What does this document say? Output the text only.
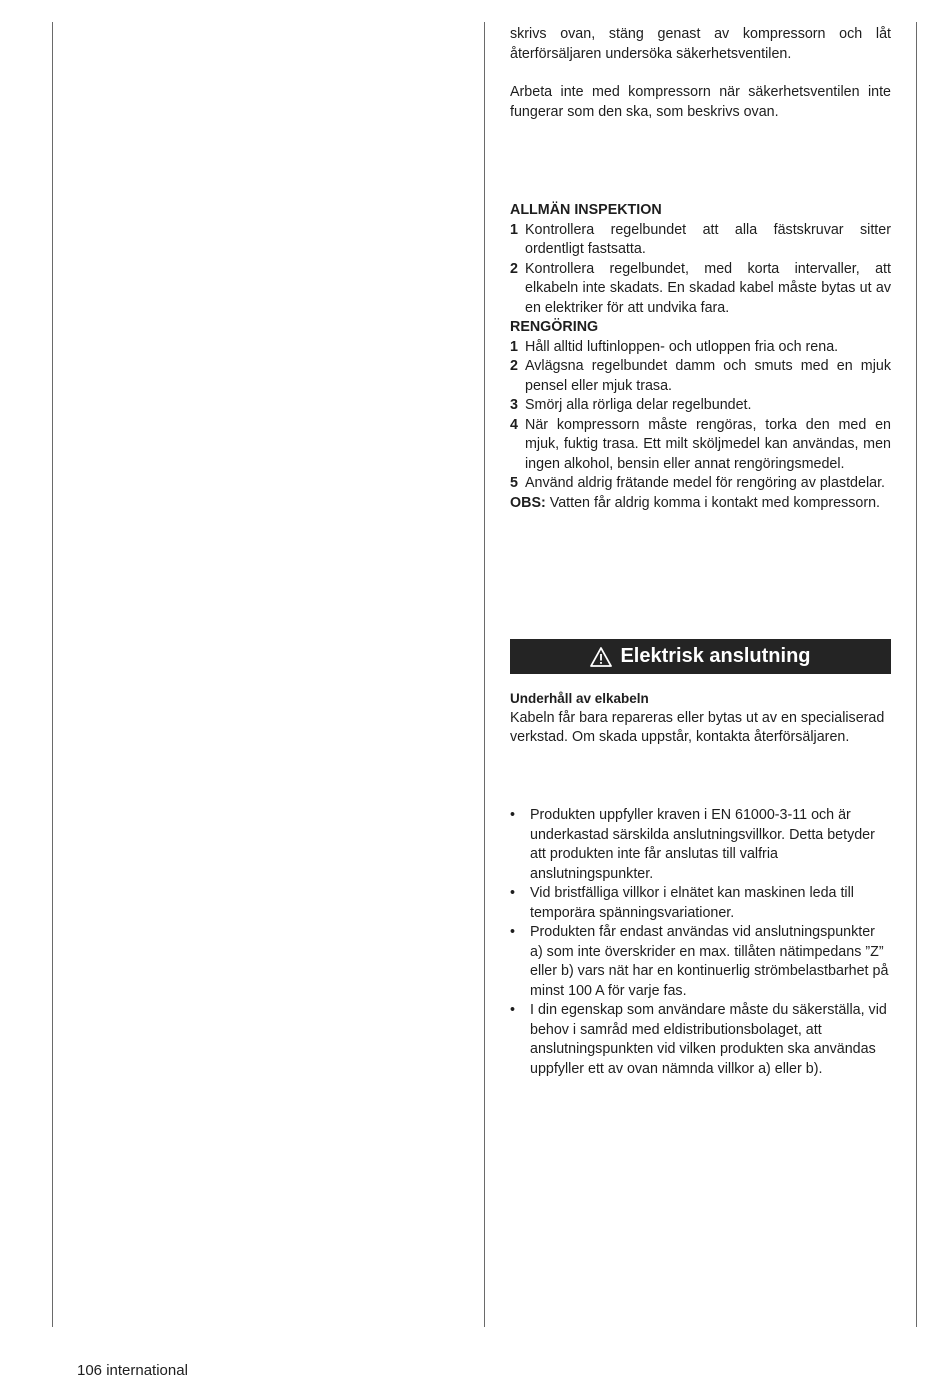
skrivs ovan, stäng genast av kompressorn och låt återförsäljaren undersöka säkerhetsventilen.

Arbeta inte med kompressorn när säkerhetsventilen inte fungerar som den ska, som beskrivs ovan.

ALLMÄN INSPEKTION

1 Kontrollera regelbundet att alla fästskruvar sitter ordentligt fastsatta.
2 Kontrollera regelbundet, med korta intervaller, att elkabeln inte skadats. En skadad kabel måste bytas ut av en elektriker för att undvika fara.

RENGÖRING

1 Håll alltid luftinloppen- och utloppen fria och rena.
2 Avlägsna regelbundet damm och smuts med en mjuk pensel eller mjuk trasa.
3 Smörj alla rörliga delar regelbundet.
4 När kompressorn måste rengöras, torka den med en mjuk, fuktig trasa. Ett milt sköljmedel kan användas, men ingen alkohol, bensin eller annat rengöringsmedel.
5 Använd aldrig frätande medel för rengöring av plastdelar.

OBS: Vatten får aldrig komma i kontakt med kompressorn.

Elektrisk anslutning

Underhåll av elkabeln

Kabeln får bara repareras eller bytas ut av en specialiserad verkstad. Om skada uppstår, kontakta återförsäljaren.

• Produkten uppfyller kraven i EN 61000-3-11 och är underkastad särskilda anslutningsvillkor. Detta betyder att produkten inte får anslutas till valfria anslutningspunkter.
• Vid bristfälliga villkor i elnätet kan maskinen leda till temporära spänningsvariationer.
• Produkten får endast användas vid anslutningspunkter a) som inte överskrider en max. tillåten nätimpedans ”Z” eller b) vars nät har en kontinuerlig strömbelastbarhet på minst 100 A för varje fas.
• I din egenskap som användare måste du säkerställa, vid behov i samråd med eldistributionsbolaget, att anslutningspunkten vid vilken produkten ska användas uppfyller ett av ovan nämnda villkor a) eller b).
106 international
